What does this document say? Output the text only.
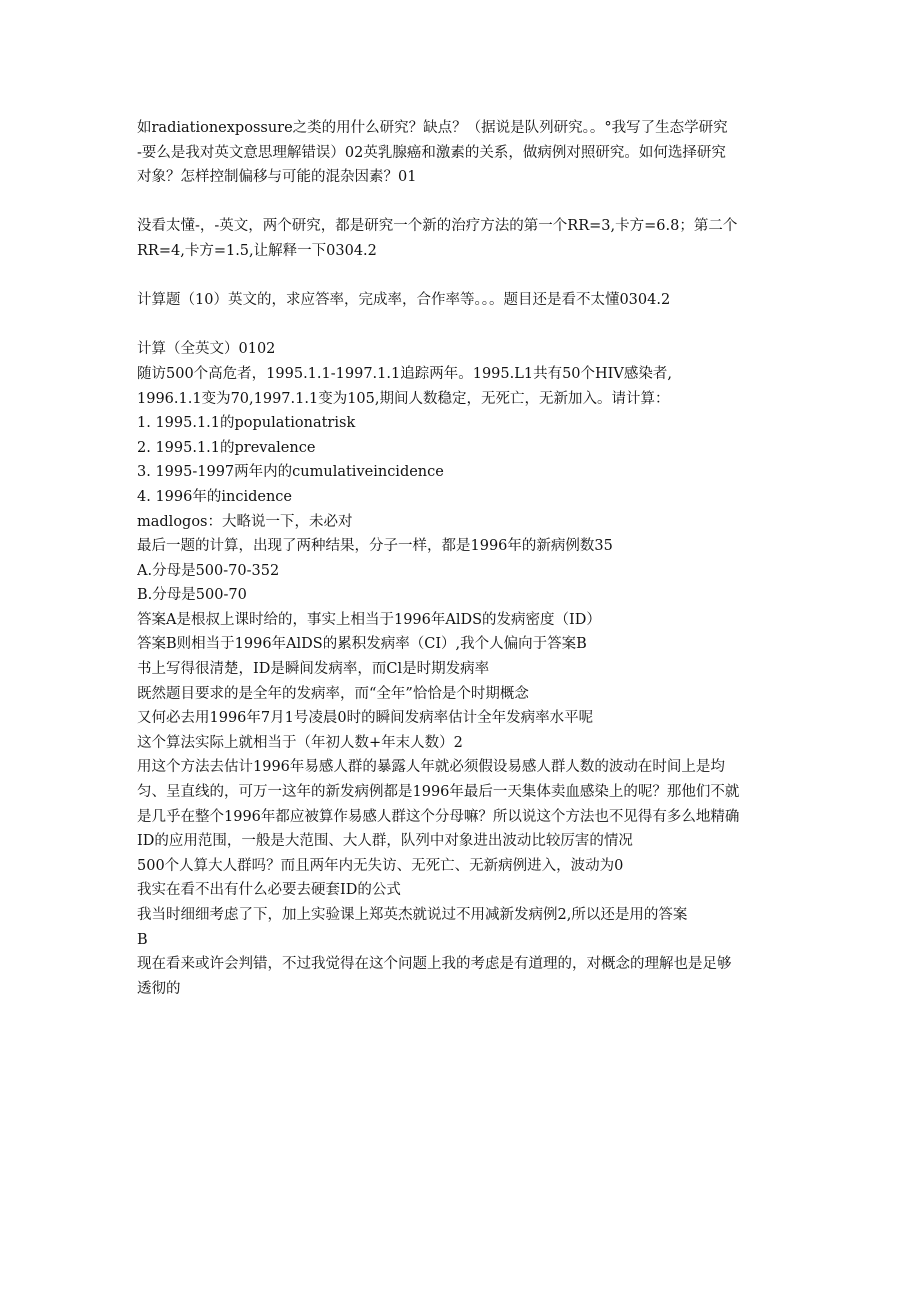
如radiationexpossure之类的用什么研究？缺点？（据说是队列研究。。°我写了生态学研究
-要么是我对英文意思理解错误）02英乳腺癌和激素的关系，做病例对照研究。如何选择研究
对象？怎样控制偏移与可能的混杂因素？01
没看太懂-，-英文，两个研究，都是研究一个新的治疗方法的第一个RR=3,卡方=6.8；第二个
RR=4,卡方=1.5,让解释一下0304.2
计算题（10）英文的，求应答率，完成率，合作率等。。。题目还是看不太懂0304.2
计算（全英文）0102
随访500个高危者，1995.1.1-1997.1.1追踪两年。1995.L1共有50个HIV感染者,
1996.1.1变为70,1997.1.1变为105,期间人数稳定，无死亡，无新加入。请计算：
1. 1995.1.1的populationatrisk
2. 1995.1.1的prevalence
3. 1995-1997两年内的cumulativeincidence
4. 1996年的incidence
madlogos：大略说一下，未必对
最后一题的计算，出现了两种结果，分子一样，都是1996年的新病例数35
A.分母是500-70-352
B.分母是500-70
答案A是根叔上课时给的，事实上相当于1996年AlDS的发病密度（ID）
答案B则相当于1996年AlDS的累积发病率（CI）,我个人偏向于答案B
书上写得很清楚，ID是瞬间发病率，而Cl是时期发病率
既然题目要求的是全年的发病率，而“全年”恰恰是个时期概念
又何必去用1996年7月1号凌晨0时的瞬间发病率估计全年发病率水平呢
这个算法实际上就相当于（年初人数+年末人数）2
用这个方法去估计1996年易感人群的暴露人年就必须假设易感人群人数的波动在时间上是均
匀、呈直线的，可万一这年的新发病例都是1996年最后一天集体卖血感染上的呢？那他们不就
是几乎在整个1996年都应被算作易感人群这个分母嘛？所以说这个方法也不见得有多么地精确
ID的应用范围，一般是大范围、大人群，队列中对象进出波动比较厉害的情况
500个人算大人群吗？而且两年内无失访、无死亡、无新病例进入，波动为0
我实在看不出有什么必要去硬套ID的公式
我当时细细考虑了下，加上实验课上郑英杰就说过不用减新发病例2,所以还是用的答案
B
现在看来或许会判错，不过我觉得在这个问题上我的考虑是有道理的，对概念的理解也是足够
透彻的
